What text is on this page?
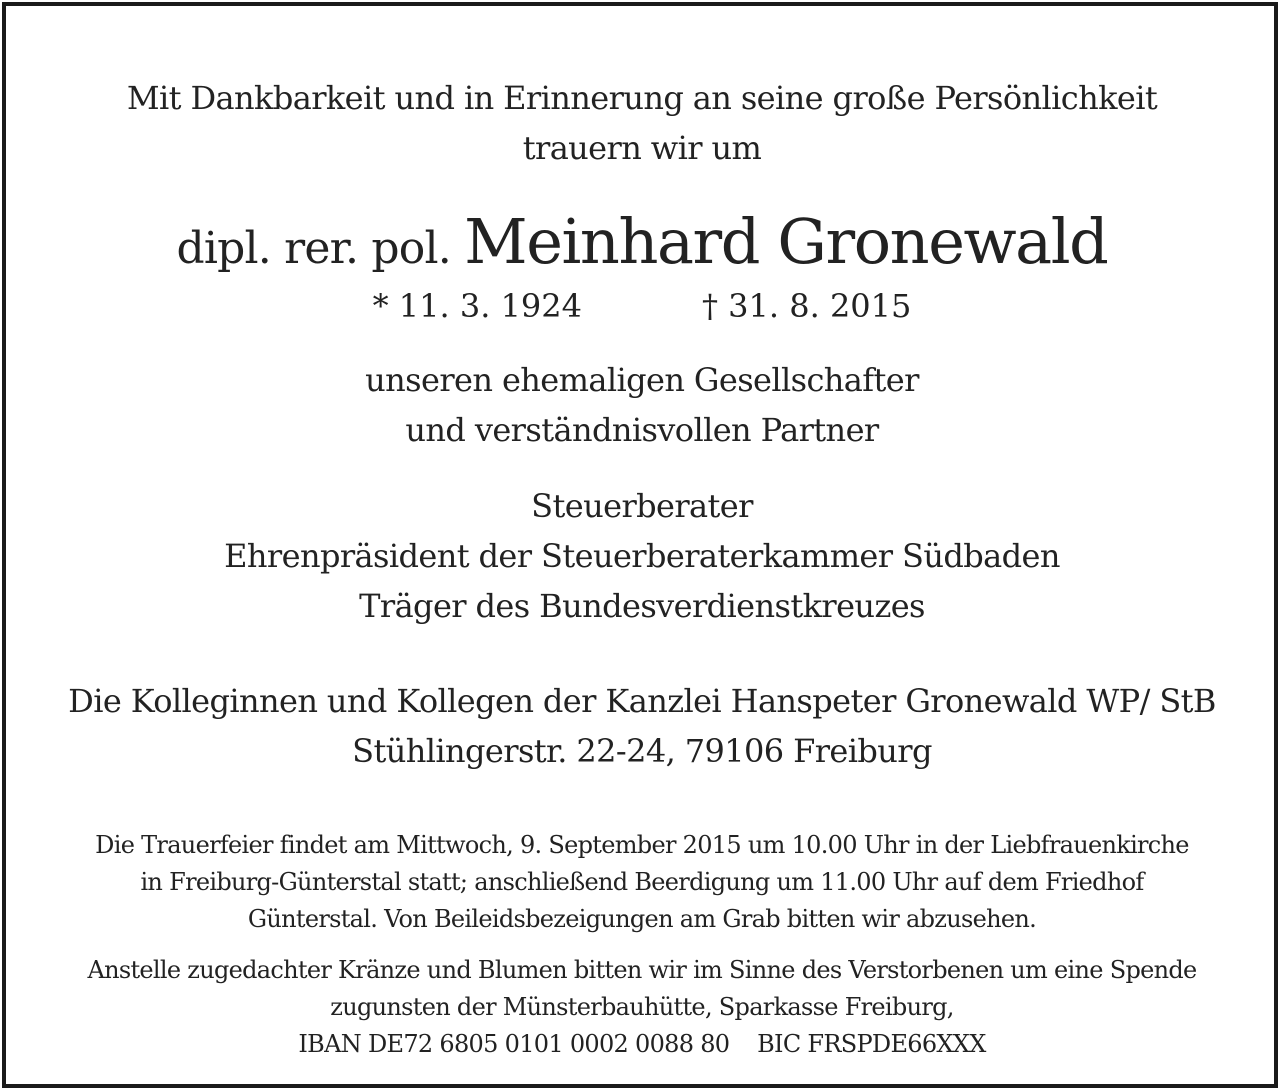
Mit Dankbarkeit und in Erinnerung an seine große Persönlichkeit

trauern wir um

dipl. rer. pol. Meinhard Gronewald

* 11. 3. 1924	† 31. 8. 2015

unseren ehemaligen Gesellschafter

und verständnisvollen Partner

Steuerberater

Ehrenpräsident der Steuerberaterkammer Südbaden

Träger des Bundesverdienstkreuzes

Die Kolleginnen und Kollegen der Kanzlei Hanspeter Gronewald WP/ StB

Stühlingerstr. 22-24, 79106 Freiburg

Die Trauerfeier findet am Mittwoch, 9. September 2015 um 10.00 Uhr in der Liebfrauenkirche

in Freiburg-Günterstal statt; anschließend Beerdigung um 11.00 Uhr auf dem Friedhof

Günterstal. Von Beileidsbezeigungen am Grab bitten wir abzusehen.

Anstelle zugedachter Kränze und Blumen bitten wir im Sinne des Verstorbenen um eine Spende

zugunsten der Münsterbauhütte, Sparkasse Freiburg,

IBAN DE72 6805 0101 0002 0088 80    BIC FRSPDE66XXX
